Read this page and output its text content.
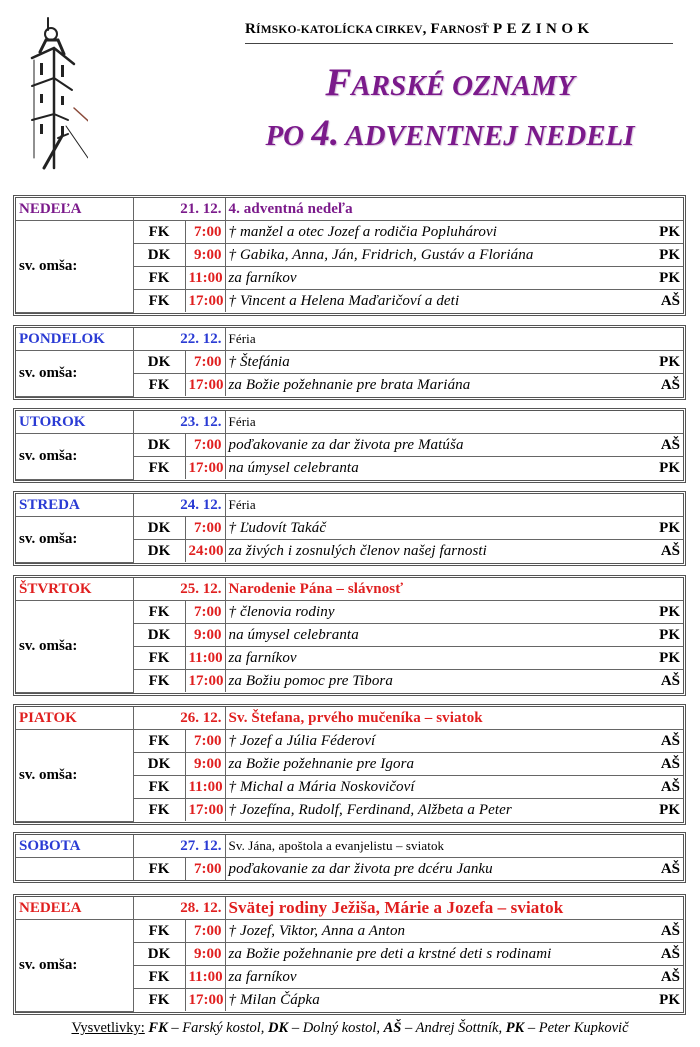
RÍMSKO-KATOLÍCKA CIRKEV, FARNOSŤ PEZINOK
FARSKÉ OZNAMY
PO 4. ADVENTNEJ NEDELI
NEDEĽA	21. 12.		4. adventná nedeľa	
sv. omša:	FK	7:00	† manžel a otec Jozef a rodičia Popluhárovi	PK
	DK	9:00	† Gabika, Anna, Ján, Fridrich, Gustáv a Floriána	PK
	FK	11:00	za farníkov	PK
	FK	17:00	† Vincent a Helena Maďaričoví a deti	AŠ
PONDELOK	22. 12.		Féria	
sv. omša:	DK	7:00	† Štefánia	PK
	FK	17:00	za Božie požehnanie pre brata Mariána	AŠ
UTOROK	23. 12.		Féria	
sv. omša:	DK	7:00	poďakovanie za dar života pre Matúša	AŠ
	FK	17:00	na úmysel celebranta	PK
STREDA	24. 12.		Féria	
sv. omša:	DK	7:00	† Ľudovít Takáč	PK
	DK	24:00	za živých i zosnulých členov našej farnosti	AŠ
ŠTVRTOK	25. 12.		Narodenie Pána – slávnosť	
sv. omša:	FK	7:00	† členovia rodiny	PK
	DK	9:00	na úmysel celebranta	PK
	FK	11:00	za farníkov	PK
	FK	17:00	za Božiu pomoc pre Tibora	AŠ
PIATOK	26. 12.		Sv. Štefana, prvého mučeníka – sviatok	
sv. omša:	FK	7:00	† Jozef a Júlia Féderoví	AŠ
	DK	9:00	za Božie požehnanie pre Igora	AŠ
	FK	11:00	† Michal a Mária Noskovičoví	AŠ
	FK	17:00	† Jozefína, Rudolf, Ferdinand, Alžbeta a Peter	PK
SOBOTA	27. 12.		Sv. Jána, apoštola a evanjelistu – sviatok	
	FK	7:00	poďakovanie za dar života pre dcéru Janku	AŠ
NEDEĽA	28. 12.		Svätej rodiny Ježiša, Márie a Jozefa – sviatok	
sv. omša:	FK	7:00	† Jozef, Viktor, Anna a Anton	AŠ
	DK	9:00	za Božie požehnanie pre deti a krstné deti s rodinami	AŠ
	FK	11:00	za farníkov	AŠ
	FK	17:00	† Milan Čápka	PK
Vysvetlivky: FK – Farský kostol, DK – Dolný kostol, AŠ – Andrej Šottník, PK – Peter Kupkovič
